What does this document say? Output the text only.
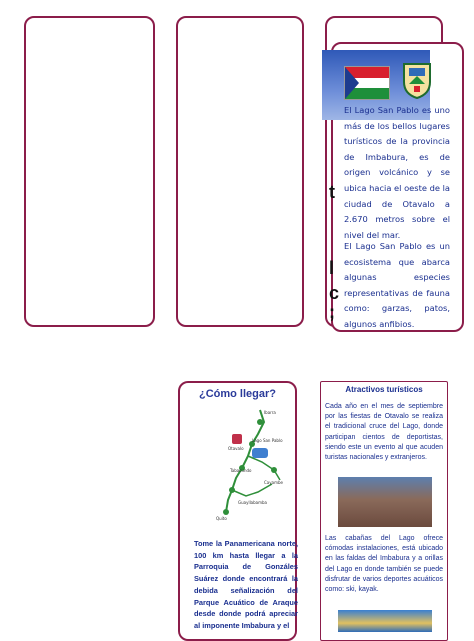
El Lago San Pablo es uno más de los bellos lugares turísticos de la provincia de Imbabura, es de origen volcánico y se ubica hacia el oeste de la ciudad de Otavalo a 2.670 metros sobre el nivel del mar.

El Lago San Pablo es un ecosistema que abarca algunas especies representativas de fauna como: garzas, patos, algunos anfibios.

t
l
c
;
¿Cómo llegar?
Ibarra
Lago San Pablo
Otavalo
Tabacundo
Cayambe
Quito
Guayllabamba
Tome la Panamericana norte, 100 km hasta llegar a la Parroquia de Gonzáles Suárez donde encontrará la debida señalización del Parque Acuático de Araque desde donde podrá apreciar al imponente Imbabura y el
Atractivos turísticos

Cada año en el mes de septiembre por las fiestas de Otavalo se realiza el tradicional cruce del Lago, donde participan cientos de deportistas, siendo este un evento al que acuden turistas nacionales y extranjeros.

Las cabañas del Lago ofrece cómodas instalaciones, está ubicado en las faldas del Imbabura y a orillas del Lago en donde también se puede disfrutar de varios deportes acuáticos como: ski, kayak.
